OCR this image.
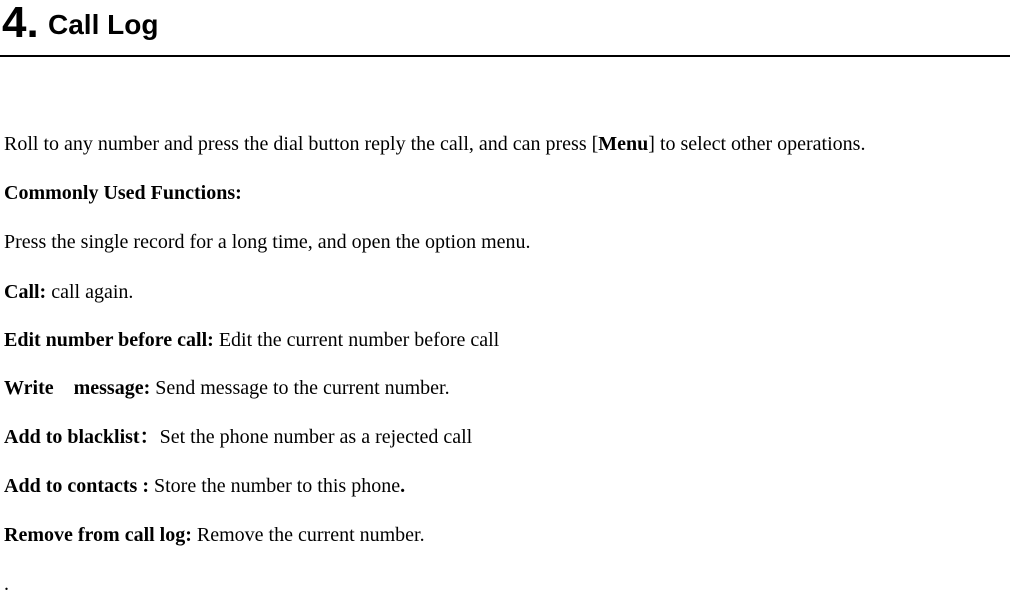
4. Call Log
Roll to any number and press the dial button reply the call, and can press [Menu] to select other operations.
Commonly Used Functions:
Press the single record for a long time, and open the option menu.
Call: call again.
Edit number before call: Edit the current number before call
Write    message: Send message to the current number.
Add to blacklist：Set the phone number as a rejected call
Add to contacts : Store the number to this phone.
Remove from call log: Remove the current number.
.
